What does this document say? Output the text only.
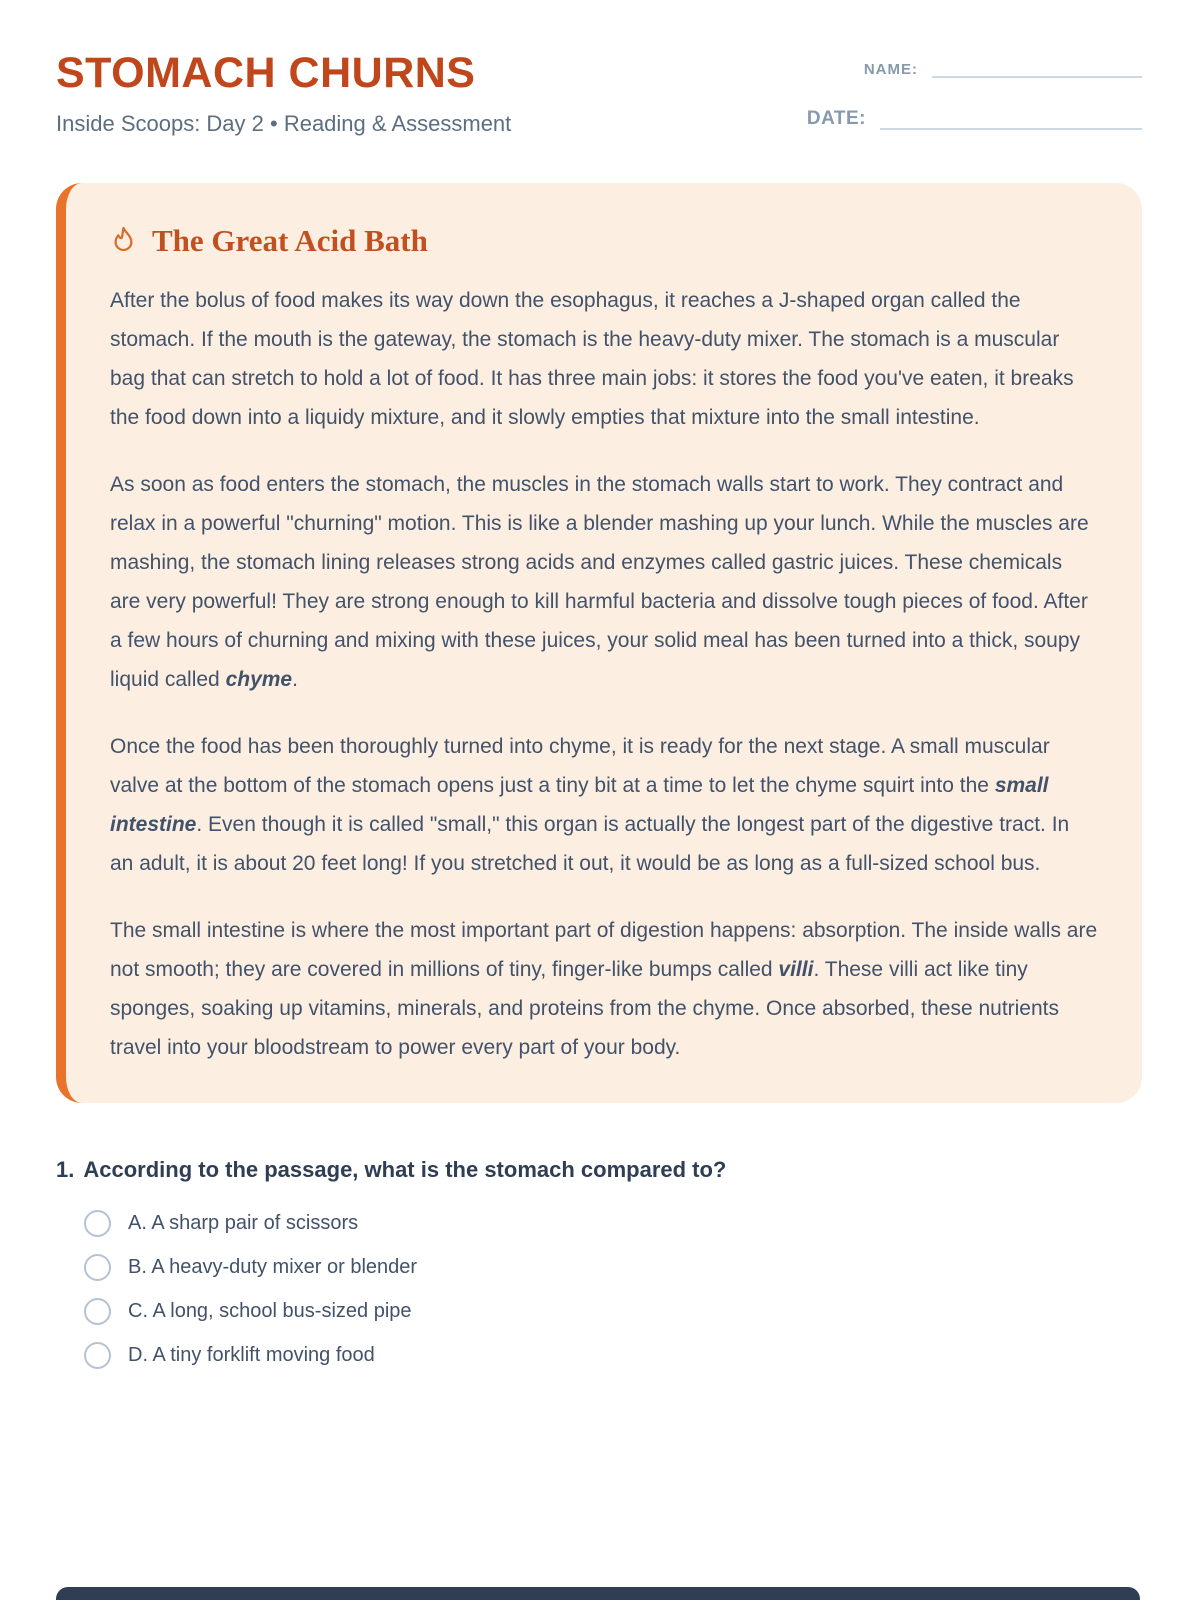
STOMACH CHURNS
Inside Scoops: Day 2 • Reading & Assessment
NAME:
DATE:
The Great Acid Bath

After the bolus of food makes its way down the esophagus, it reaches a J-shaped organ called the stomach. If the mouth is the gateway, the stomach is the heavy-duty mixer. The stomach is a muscular bag that can stretch to hold a lot of food. It has three main jobs: it stores the food you've eaten, it breaks the food down into a liquidy mixture, and it slowly empties that mixture into the small intestine.

As soon as food enters the stomach, the muscles in the stomach walls start to work. They contract and relax in a powerful "churning" motion. This is like a blender mashing up your lunch. While the muscles are mashing, the stomach lining releases strong acids and enzymes called gastric juices. These chemicals are very powerful! They are strong enough to kill harmful bacteria and dissolve tough pieces of food. After a few hours of churning and mixing with these juices, your solid meal has been turned into a thick, soupy liquid called chyme.

Once the food has been thoroughly turned into chyme, it is ready for the next stage. A small muscular valve at the bottom of the stomach opens just a tiny bit at a time to let the chyme squirt into the small intestine. Even though it is called "small," this organ is actually the longest part of the digestive tract. In an adult, it is about 20 feet long! If you stretched it out, it would be as long as a full-sized school bus.

The small intestine is where the most important part of digestion happens: absorption. The inside walls are not smooth; they are covered in millions of tiny, finger-like bumps called villi. These villi act like tiny sponges, soaking up vitamins, minerals, and proteins from the chyme. Once absorbed, these nutrients travel into your bloodstream to power every part of your body.

1. According to the passage, what is the stomach compared to?
A. A sharp pair of scissors
B. A heavy-duty mixer or blender
C. A long, school bus-sized pipe
D. A tiny forklift moving food
